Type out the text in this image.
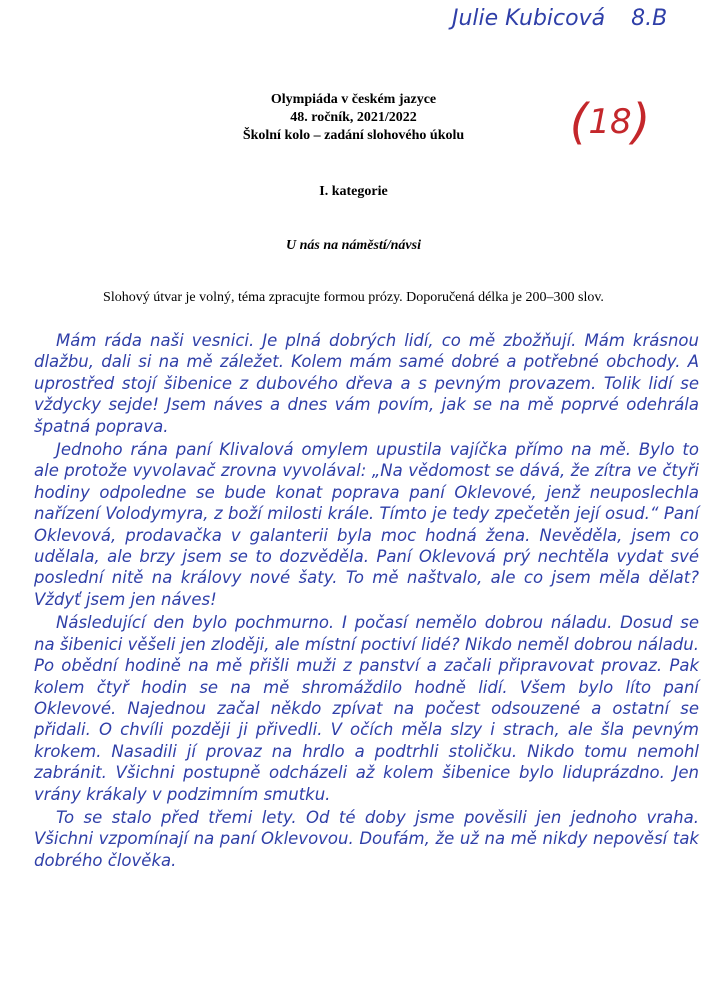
Julie Kubicová 8.B
( 18 )
Olympiáda v českém jazyce
48. ročník, 2021/2022
Školní kolo – zadání slohového úkolu
I. kategorie
U nás na náměstí/návsi
Slohový útvar je volný, téma zpracujte formou prózy. Doporučená délka je 200–300 slov.

Mám ráda naši vesnici. Je plná dobrých lidí, co mě zbožňují. Mám krásnou dlažbu, dali si na mě záležet. Kolem mám samé dobré a potřebné obchody. A uprostřed stojí šibenice z dubového dřeva a s pevným provazem. Tolik lidí se vždycky sejde! Jsem náves a dnes vám povím, jak se na mě poprvé odehrála špatná poprava.

Jednoho rána paní Klivalová omylem upustila vajíčka přímo na mě. Bylo to ale protože vyvolavač zrovna vyvolával: „Na vědomost se dává, že zítra ve čtyři hodiny odpoledne se bude konat poprava paní Oklevové, jenž neuposlechla nařízení Volodymyra, z boží milosti krále. Tímto je tedy zpečetěn její osud.“ Paní Oklevová, prodavačka v galanterii byla moc hodná žena. Nevěděla, jsem co udělala, ale brzy jsem se to dozvěděla. Paní Oklevová prý nechtěla vydat své poslední nitě na královy nové šaty. To mě naštvalo, ale co jsem měla dělat? Vždyť jsem jen náves!

Následující den bylo pochmurno. I počasí nemělo dobrou náladu. Dosud se na šibenici věšeli jen zloději, ale místní poctiví lidé? Nikdo neměl dobrou náladu. Po obědní hodině na mě přišli muži z panství a začali připravovat provaz. Pak kolem čtyř hodin se na mě shromáždilo hodně lidí. Všem bylo líto paní Oklevové. Najednou začal někdo zpívat na počest odsouzené a ostatní se přidali. O chvíli později ji přivedli. V očích měla slzy i strach, ale šla pevným krokem. Nasadili jí provaz na hrdlo a podtrhli stoličku. Nikdo tomu nemohl zabránit. Všichni postupně odcházeli až kolem šibenice bylo liduprázdno. Jen vrány krákaly v podzimním smutku.

To se stalo před třemi lety. Od té doby jsme pověsili jen jednoho vraha. Všichni vzpomínají na paní Oklevovou. Doufám, že už na mě nikdy nepověsí tak dobrého člověka.
